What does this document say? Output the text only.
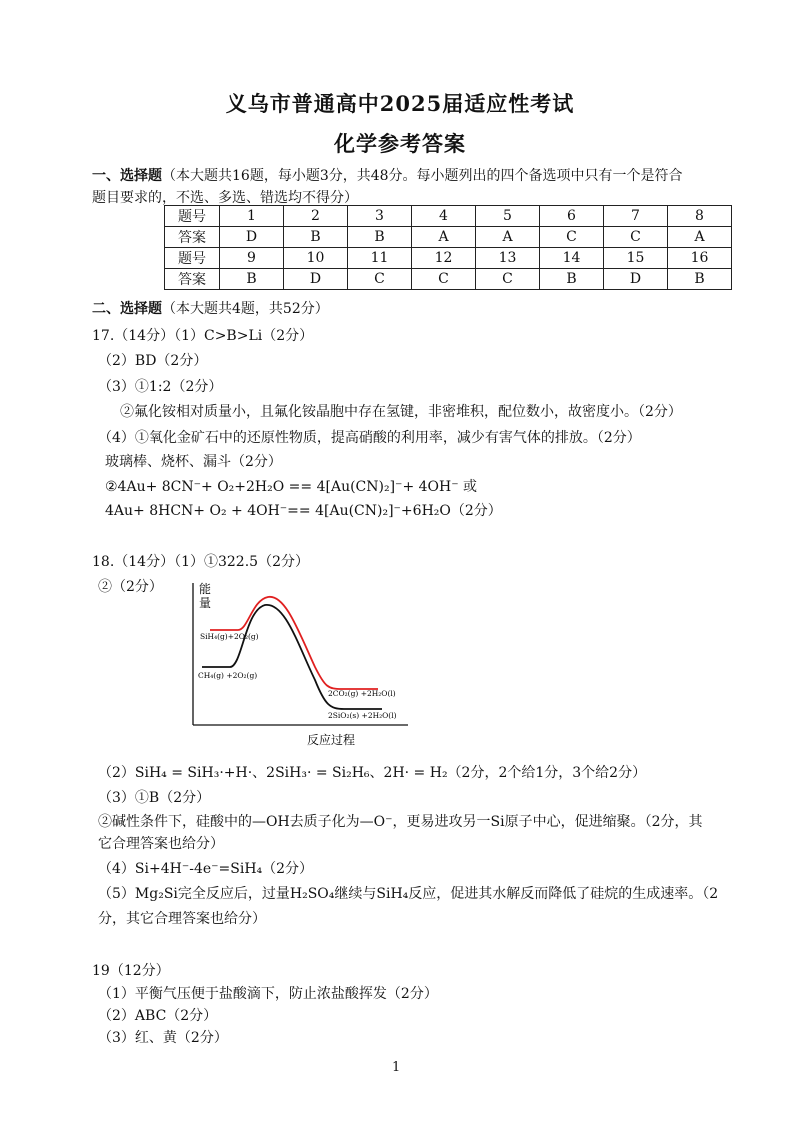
义乌市普通高中2025届适应性考试
化学参考答案
一、选择题（本大题共16题，每小题3分，共48分。每小题列出的四个备选项中只有一个是符合
题目要求的，不选、多选、错选均不得分）
题号	1	2	3	4	5	6	7	8
答案	D	B	B	A	A	C	C	A
题号	9	10	11	12	13	14	15	16
答案	B	D	C	C	C	B	D	B
二、选择题（本大题共4题，共52分）
17.（14分）（1）C>B>Li（2分）
（2）BD（2分）
（3）①1:2（2分）
②氟化铵相对质量小，且氟化铵晶胞中存在氢键，非密堆积，配位数小，故密度小。（2分）
（4）①氧化金矿石中的还原性物质，提高硝酸的利用率，减少有害气体的排放。（2分）
玻璃棒、烧杯、漏斗（2分）
②4Au+ 8CN⁻+ O₂+2H₂O == 4[Au(CN)₂]⁻+ 4OH⁻ 或
4Au+ 8HCN+ O₂ + 4OH⁻== 4[Au(CN)₂]⁻+6H₂O（2分）
18.（14分）（1）①322.5（2分）
②（2分）	能
量
SiH₄(g)+2O₂(g)
CH₄(g) +2O₂(g)
2CO₂(g) +2H₂O(l)
2SiO₂(s) +2H₂O(l)
反应过程
（2）SiH₄ = SiH₃·+H·、2SiH₃· = Si₂H₆、2H· = H₂（2分，2个给1分，3个给2分）
（3）①B（2分）
②碱性条件下，硅酸中的—OH去质子化为—O⁻，更易进攻另一Si原子中心，促进缩聚。（2分，其
它合理答案也给分）
（4）Si+4H⁻-4e⁻=SiH₄（2分）
（5）Mg₂Si完全反应后，过量H₂SO₄继续与SiH₄反应，促进其水解反而降低了硅烷的生成速率。（2
分，其它合理答案也给分）
19（12分）
（1）平衡气压便于盐酸滴下，防止浓盐酸挥发（2分）
（2）ABC（2分）
（3）红、黄（2分）
1
